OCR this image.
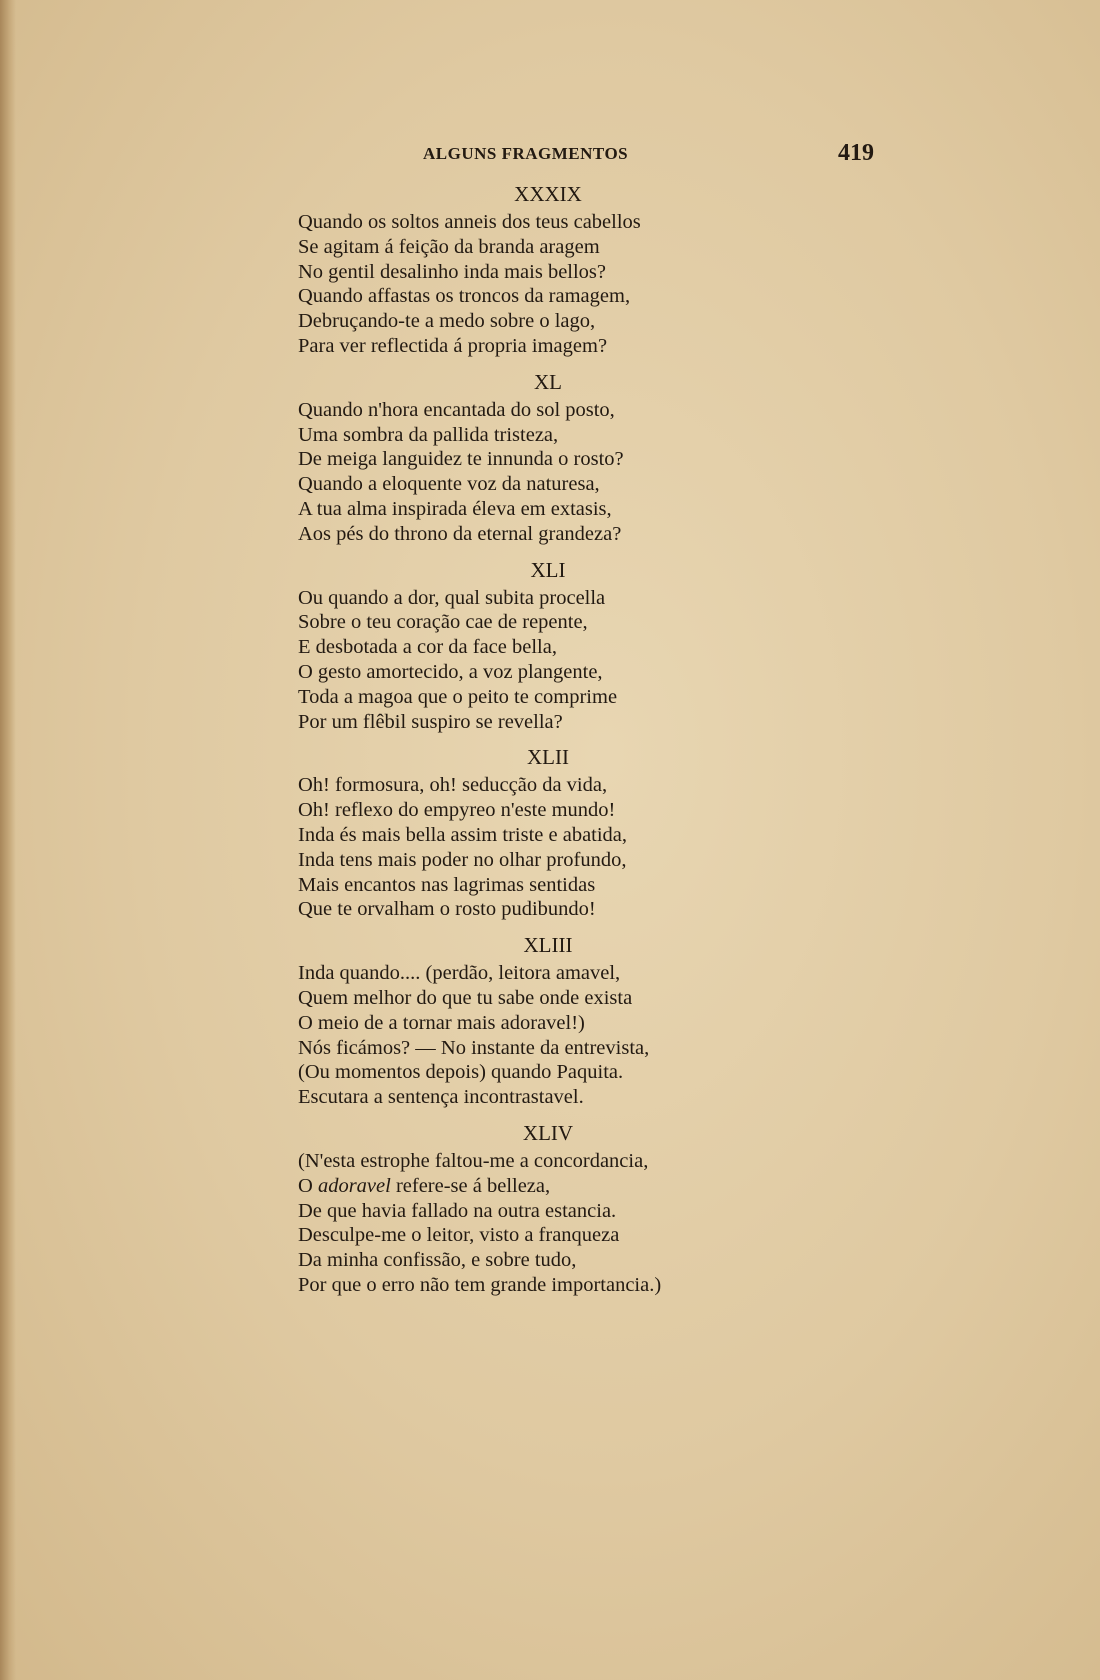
ALGUNS FRAGMENTOS	419
XXXIX
Quando os soltos anneis dos teus cabellos
Se agitam á feição da branda aragem
No gentil desalinho inda mais bellos?
Quando affastas os troncos da ramagem,
Debruçando-te a medo sobre o lago,
Para ver reflectida á propria imagem?
XL
Quando n'hora encantada do sol posto,
Uma sombra da pallida tristeza,
De meiga languidez te innunda o rosto?
Quando a eloquente voz da naturesa,
A tua alma inspirada éleva em extasis,
Aos pés do throno da eternal grandeza?
XLI
Ou quando a dor, qual subita procella
Sobre o teu coração cae de repente,
E desbotada a cor da face bella,
O gesto amortecido, a voz plangente,
Toda a magoa que o peito te comprime
Por um flêbil suspiro se revella?
XLII
Oh! formosura, oh! seducção da vida,
Oh! reflexo do empyreo n'este mundo!
Inda és mais bella assim triste e abatida,
Inda tens mais poder no olhar profundo,
Mais encantos nas lagrimas sentidas
Que te orvalham o rosto pudibundo!
XLIII
Inda quando.... (perdão, leitora amavel,
Quem melhor do que tu sabe onde exista
O meio de a tornar mais adoravel!)
Nós ficámos? — No instante da entrevista,
(Ou momentos depois) quando Paquita.
Escutara a sentença incontrastavel.
XLIV
(N'esta estrophe faltou-me a concordancia,
O adoravel refere-se á belleza,
De que havia fallado na outra estancia.
Desculpe-me o leitor, visto a franqueza
Da minha confissão, e sobre tudo,
Por que o erro não tem grande importancia.)
